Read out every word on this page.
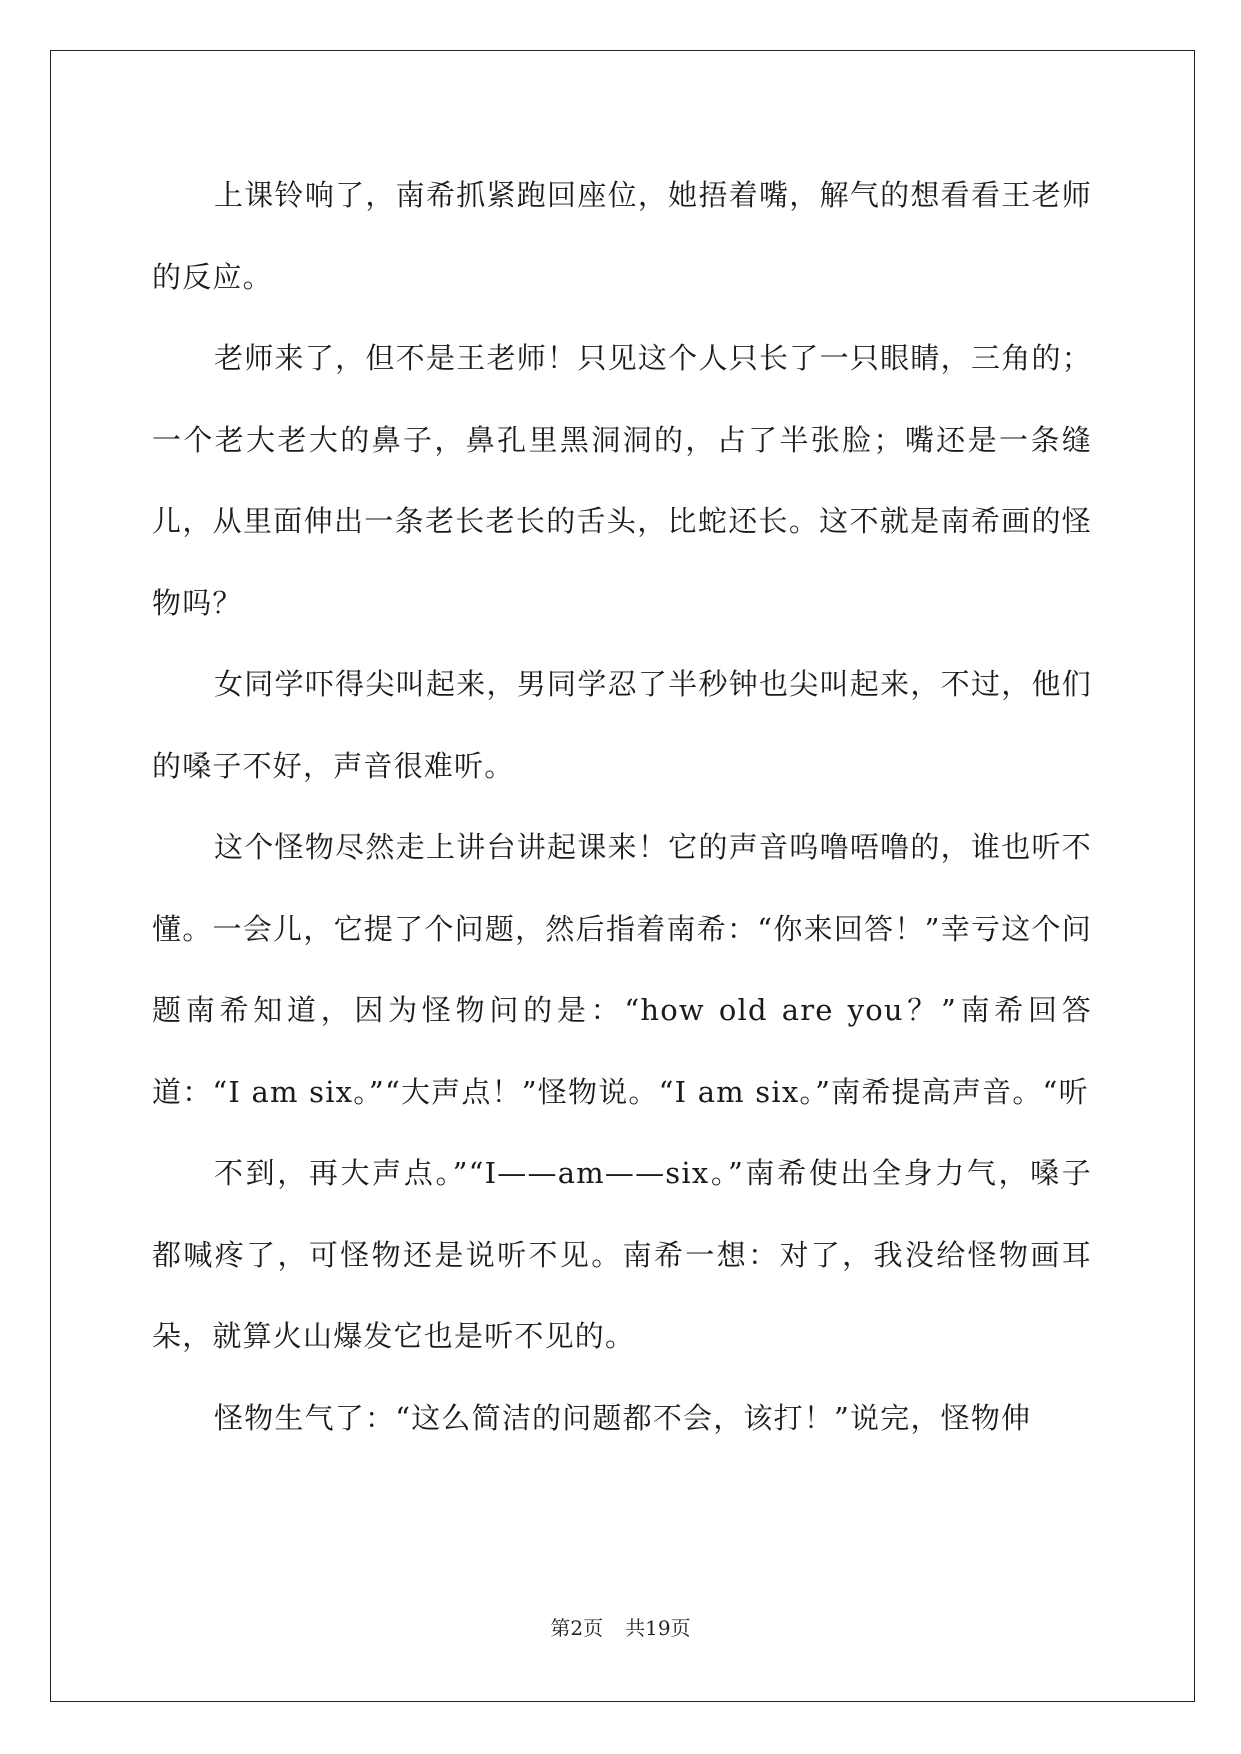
上课铃响了，南希抓紧跑回座位，她捂着嘴，解气的想看看王老师的反应。

老师来了，但不是王老师！只见这个人只长了一只眼睛，三角的；一个老大老大的鼻子，鼻孔里黑洞洞的，占了半张脸；嘴还是一条缝儿，从里面伸出一条老长老长的舌头，比蛇还长。这不就是南希画的怪物吗？

女同学吓得尖叫起来，男同学忍了半秒钟也尖叫起来，不过，他们的嗓子不好，声音很难听。

这个怪物尽然走上讲台讲起课来！它的声音呜噜唔噜的，谁也听不懂。一会儿，它提了个问题，然后指着南希：“你来回答！”幸亏这个问题南希知道，因为怪物问的是：“how old are you？”南希回答道：“I am six。”“大声点！”怪物说。“I am six。”南希提高声音。“听

不到，再大声点。”“I——am——six。”南希使出全身力气，嗓子都喊疼了，可怪物还是说听不见。南希一想：对了，我没给怪物画耳朵，就算火山爆发它也是听不见的。

怪物生气了：“这么简洁的问题都不会，该打！”说完，怪物伸

第2页 共19页
